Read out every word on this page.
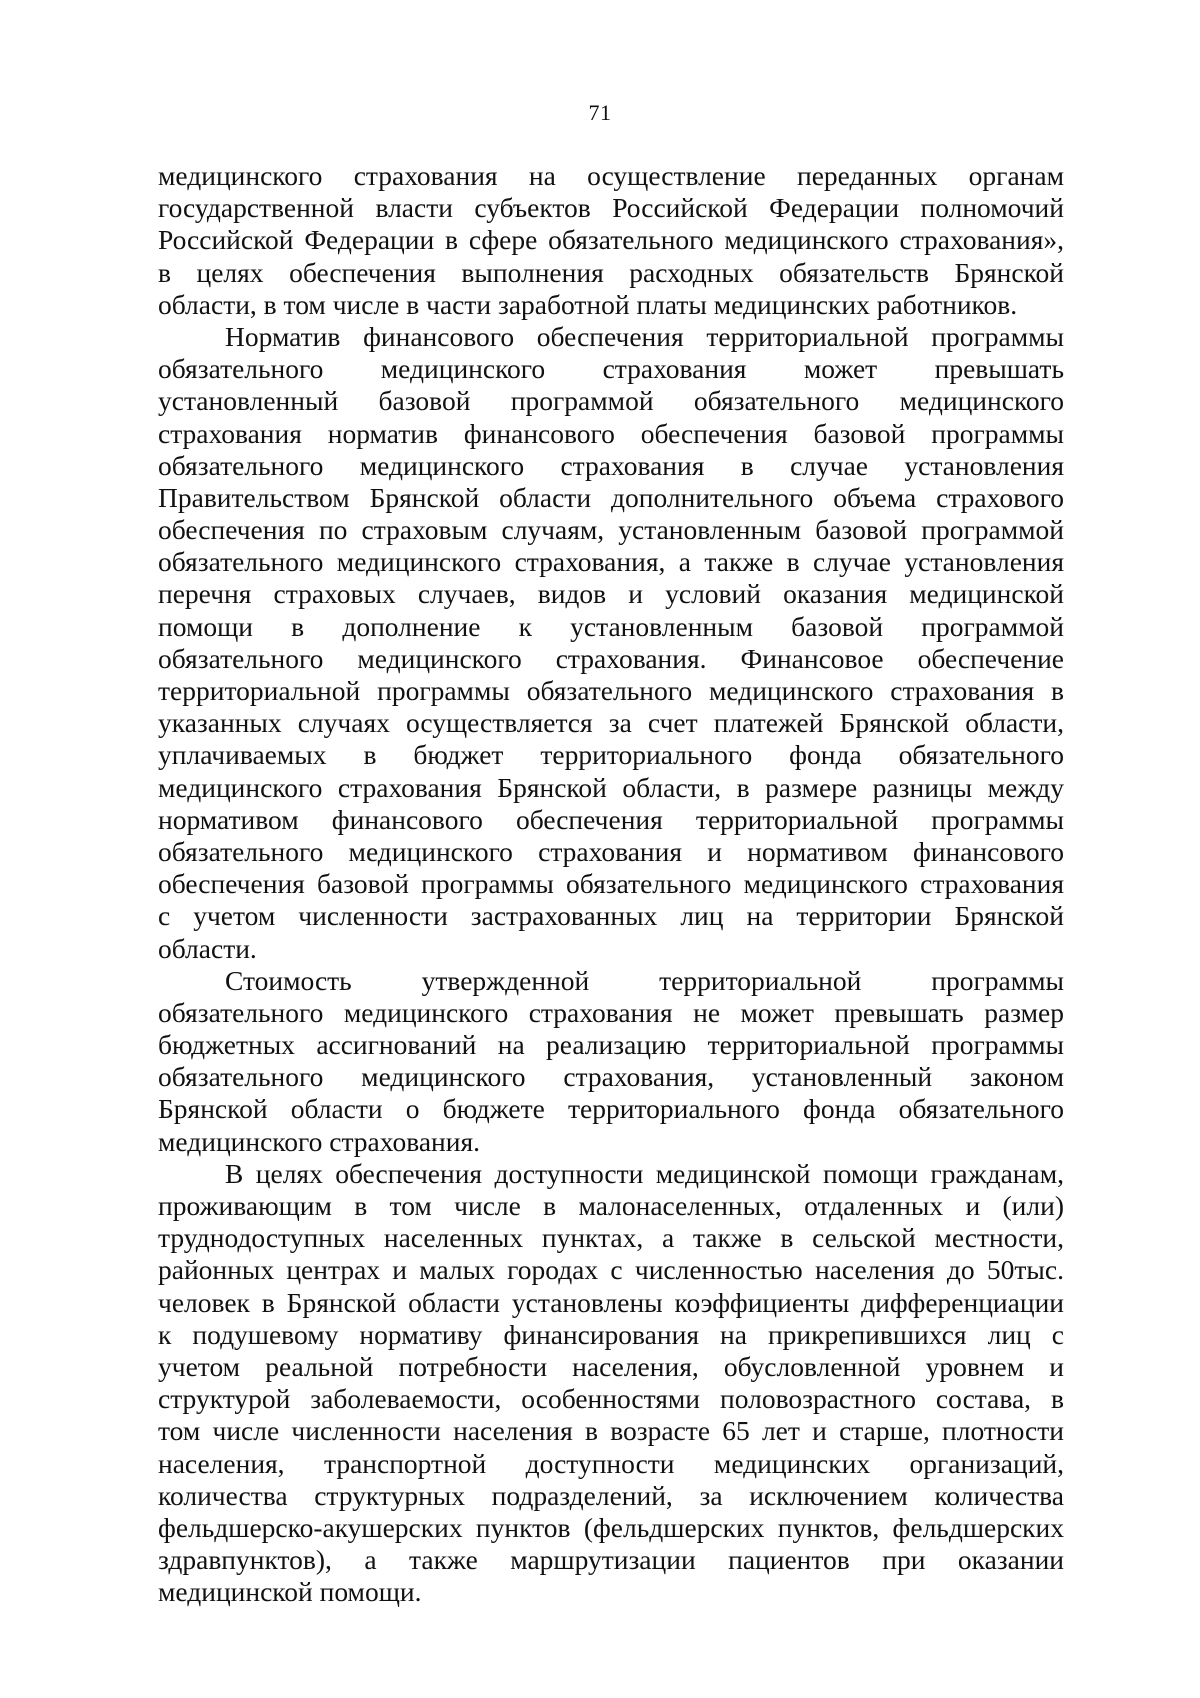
71
медицинского страхования на осуществление переданных органам
государственной власти субъектов Российской Федерации полномочий
Российской Федерации в сфере обязательного медицинского страхования»,
в целях обеспечения выполнения расходных обязательств Брянской
области, в том числе в части заработной платы медицинских работников.
Норматив финансового обеспечения территориальной программы
обязательного медицинского страхования может превышать
установленный базовой программой обязательного медицинского
страхования норматив финансового обеспечения базовой программы
обязательного медицинского страхования в случае установления
Правительством Брянской области дополнительного объема страхового
обеспечения по страховым случаям, установленным базовой программой
обязательного медицинского страхования, а также в случае установления
перечня страховых случаев, видов и условий оказания медицинской
помощи в дополнение к установленным базовой программой
обязательного медицинского страхования. Финансовое обеспечение
территориальной программы обязательного медицинского страхования в
указанных случаях осуществляется за счет платежей Брянской области,
уплачиваемых в бюджет территориального фонда обязательного
медицинского страхования Брянской области, в размере разницы между
нормативом финансового обеспечения территориальной программы
обязательного медицинского страхования и нормативом финансового
обеспечения базовой программы обязательного медицинского страхования
с учетом численности застрахованных лиц на территории Брянской
области.
Стоимость утвержденной территориальной программы
обязательного медицинского страхования не может превышать размер
бюджетных ассигнований на реализацию территориальной программы
обязательного медицинского страхования, установленный законом
Брянской области о бюджете территориального фонда обязательного
медицинского страхования.
В целях обеспечения доступности медицинской помощи гражданам,
проживающим в том числе в малонаселенных, отдаленных и (или)
труднодоступных населенных пунктах, а также в сельской местности,
районных центрах и малых городах с численностью населения до 50тыс.
человек в Брянской области установлены коэффициенты дифференциации
к подушевому нормативу финансирования на прикрепившихся лиц с
учетом реальной потребности населения, обусловленной уровнем и
структурой заболеваемости, особенностями половозрастного состава, в
том числе численности населения в возрасте 65 лет и старше, плотности
населения, транспортной доступности медицинских организаций,
количества структурных подразделений, за исключением количества
фельдшерско-акушерских пунктов (фельдшерских пунктов, фельдшерских
здравпунктов), а также маршрутизации пациентов при оказании
медицинской помощи.
